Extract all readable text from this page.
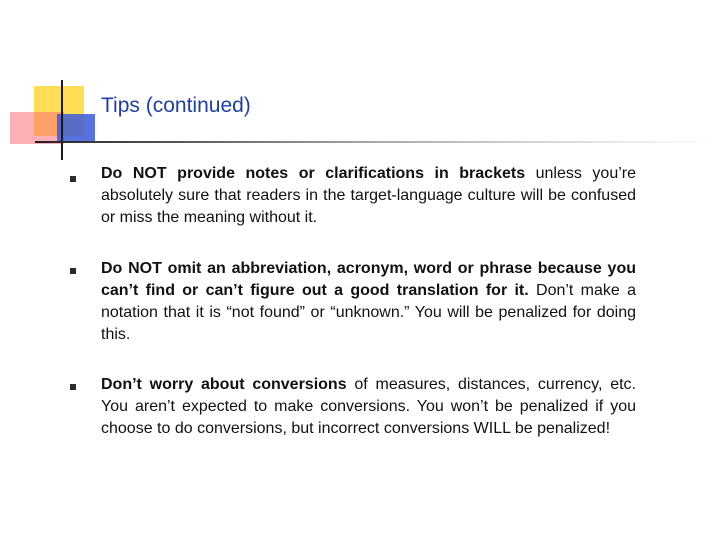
Tips (continued)

Do NOT provide notes or clarifications in brackets unless you’re absolutely sure that readers in the target-language culture will be confused or miss the meaning without it.

Do NOT omit an abbreviation, acronym, word or phrase because you can’t find or can’t figure out a good translation for it. Don’t make a notation that it is “not found” or “unknown.” You will be penalized for doing this.

Don’t worry about conversions of measures, distances, currency, etc. You aren’t expected to make conversions. You won’t be penalized if you choose to do conversions, but incorrect conversions WILL be penalized!
